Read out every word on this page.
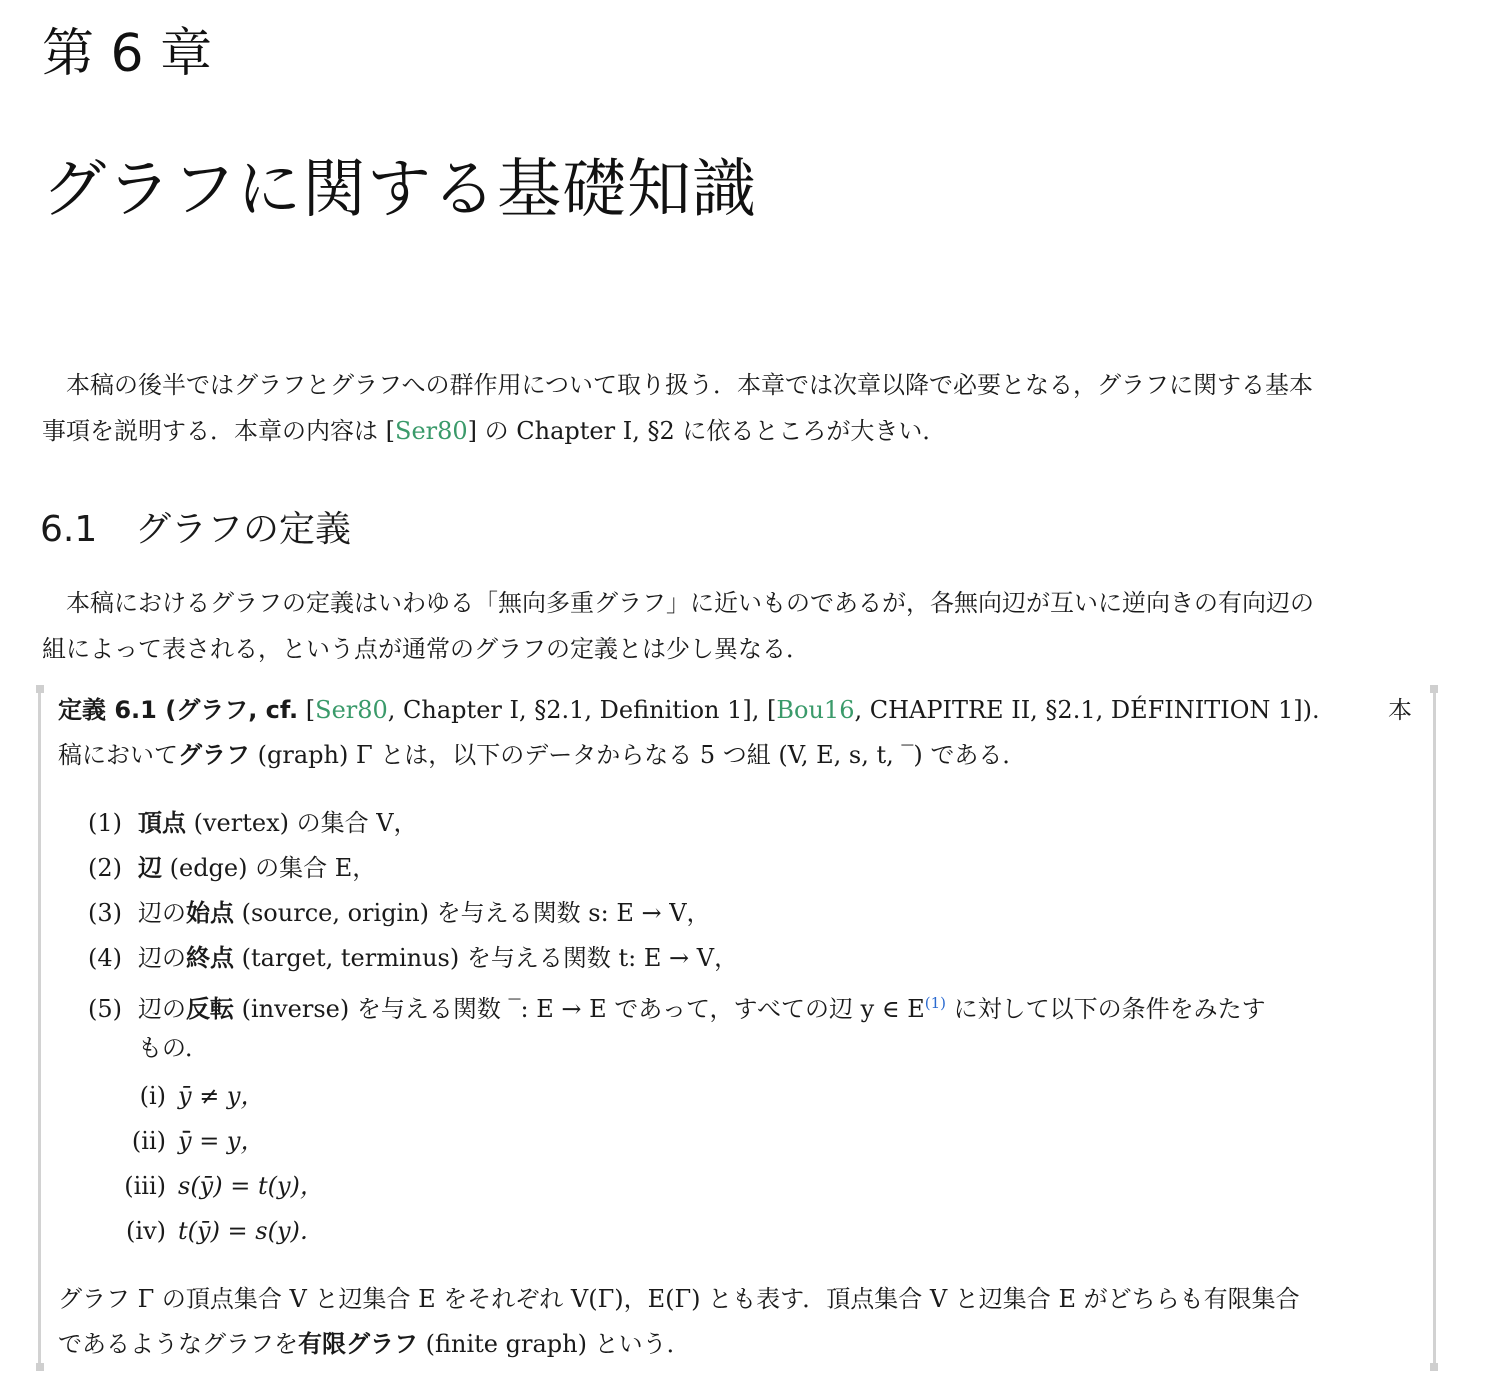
第 6 章
グラフに関する基礎知識
本稿の後半ではグラフとグラフへの群作用について取り扱う．本章では次章以降で必要となる，グラフに関する基本
事項を説明する．本章の内容は [Ser80] の Chapter I, §2 に依るところが大きい．
6.1 グラフの定義
本稿におけるグラフの定義はいわゆる「無向多重グラフ」に近いものであるが，各無向辺が互いに逆向きの有向辺の
組によって表される，という点が通常のグラフの定義とは少し異なる．
定義 6.1 (グラフ, cf. [Ser80, Chapter I, §2.1, Definition 1], [Bou16, CHAPITRE II, §2.1, DÉFINITION 1]).	本
稿においてグラフ (graph) Γ とは，以下のデータからなる 5 つ組 (V, E, s, t, ‾) である．
(1) 頂点 (vertex) の集合 V，
(2) 辺 (edge) の集合 E，
(3) 辺の始点 (source, origin) を与える関数 s: E → V，
(4) 辺の終点 (target, terminus) を与える関数 t: E → V，
(5) 辺の反転 (inverse) を与える関数 ‾: E → E であって，すべての辺 y ∈ E$^{(1)}$ に対して以下の条件をみたす
もの．
(i) ȳ ≠ y，
(ii) ȳ̄ = y，
(iii) s(ȳ) = t(y)，
(iv) t(ȳ) = s(y)．
グラフ Γ の頂点集合 V と辺集合 E をそれぞれ V(Γ)，E(Γ) とも表す．頂点集合 V と辺集合 E がどちらも有限集合
であるようなグラフを有限グラフ (finite graph) という．
